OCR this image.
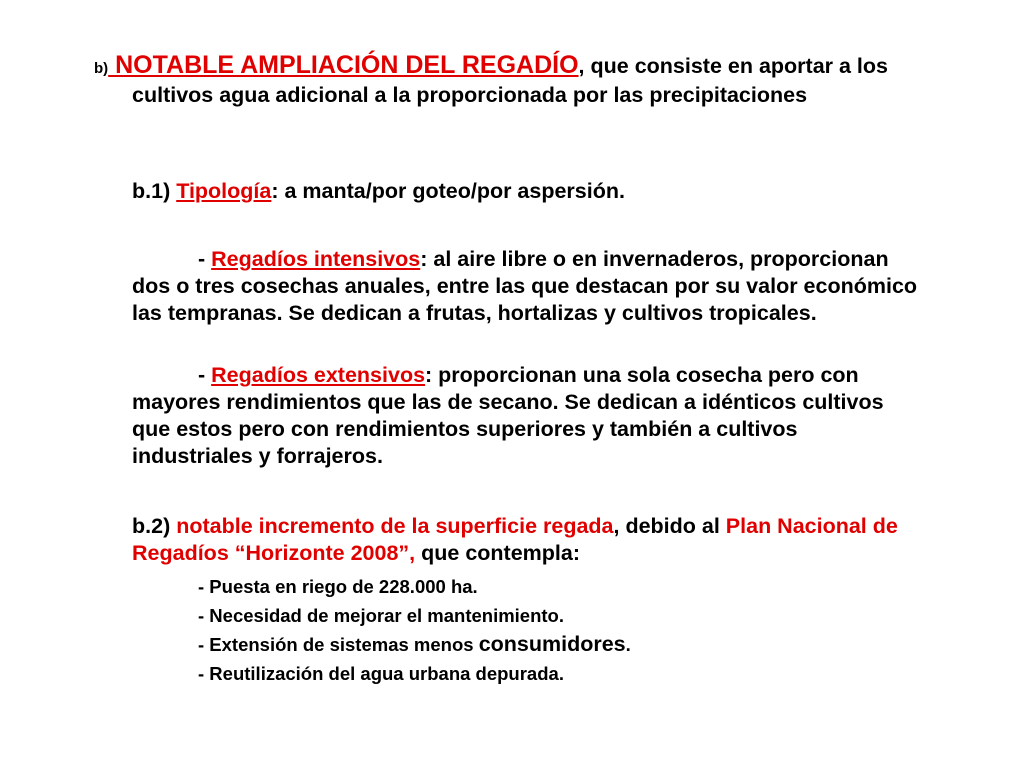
b) NOTABLE AMPLIACIÓN DEL REGADÍO, que consiste en aportar a los cultivos agua adicional a la proporcionada por las precipitaciones
b.1) Tipología: a manta/por goteo/por aspersión.
- Regadíos intensivos: al aire libre o en invernaderos, proporcionan dos o tres cosechas anuales, entre las que destacan por su valor económico las tempranas. Se dedican a frutas, hortalizas y cultivos tropicales.
- Regadíos extensivos: proporcionan una sola cosecha pero con mayores rendimientos que las de secano. Se dedican a idénticos cultivos que estos pero con rendimientos superiores y también a cultivos industriales y forrajeros.
b.2) notable incremento de la superficie regada, debido al Plan Nacional de Regadíos “Horizonte 2008”, que contempla:
- Puesta en riego de 228.000 ha.
- Necesidad de mejorar el mantenimiento.
- Extensión de sistemas menos consumidores.
- Reutilización del agua urbana depurada.
